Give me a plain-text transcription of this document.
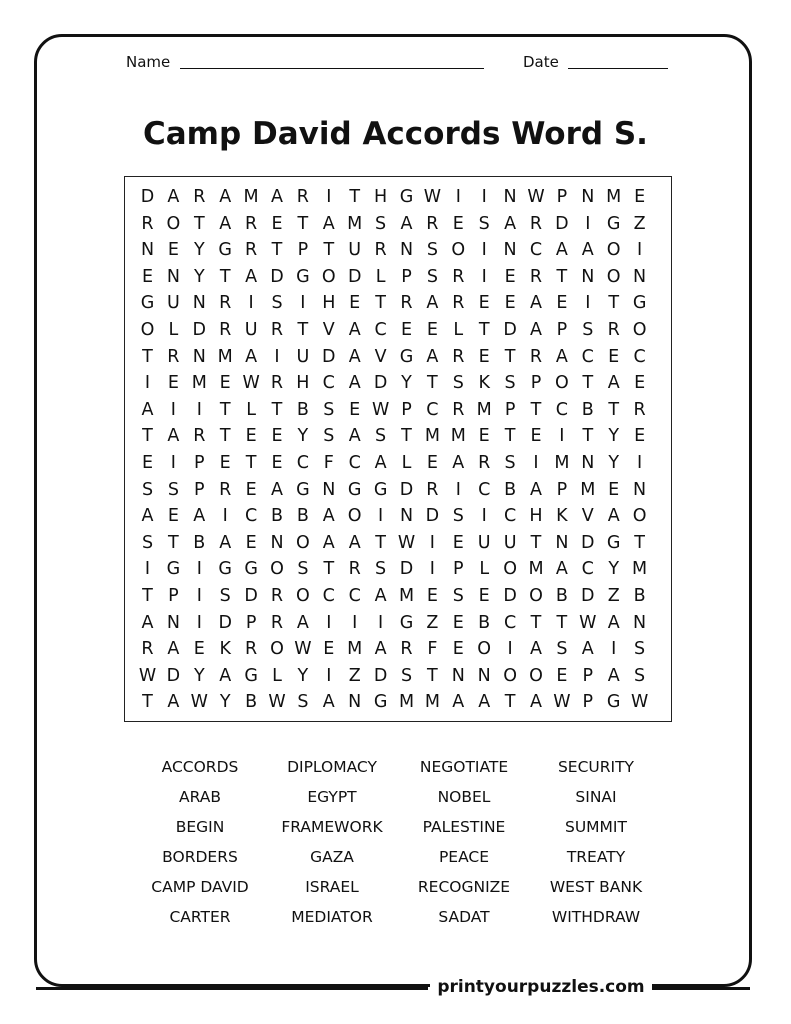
Name	Date
Camp David Accords Word S.
D A R A M A R I	T H G W I	I N W P N M E
R O T A R E T A M S A R E S A R D I G Z
N E Y G R T P T U R N S O I N C A A O I
E N Y T A D G O D L P S R I	E R T N O N
G U N R I	S	I H E T R A R E E A E	I	T G
O L D R U R T V A C E E L T D A P S R O
T R N M A I U D A V G A R E T R A C E C
I	E M E W R H C A D Y T S K S P O T A E
A I	I	T L T B S E W P C R M P T C B T R
T A R T E E Y S A S T M M E T E	I	T Y E
E	I	P E T E C F C A L E A R S	I M N Y	I
S S P R E A G N G G D R I C B A P M E N
A E A I C B B A O I N D S	I C H K V A O
S T B A E N O A A T W I	E U U T N D G T
I G I G G O S T R S D I	P L O M A C Y M
T P	I	S D R O C C A M E S E D O B D Z B
A N I D P R A I	I	I G Z E B C T T W A N
R A E K R O W E M A R F E O I A S A I	S
W D Y A G L Y	I Z D S T N N O O E P A S
T A W Y B W S A N G M M A A T A W P G W
ACCORDS	DIPLOMACY	NEGOTIATE	SECURITY
ARAB	EGYPT	NOBEL	SINAI
BEGIN	FRAMEWORK	PALESTINE	SUMMIT
BORDERS	GAZA	PEACE	TREATY
CAMP DAVID	ISRAEL	RECOGNIZE	WEST BANK
CARTER	MEDIATOR	SADAT	WITHDRAW
printyourpuzzles.com
